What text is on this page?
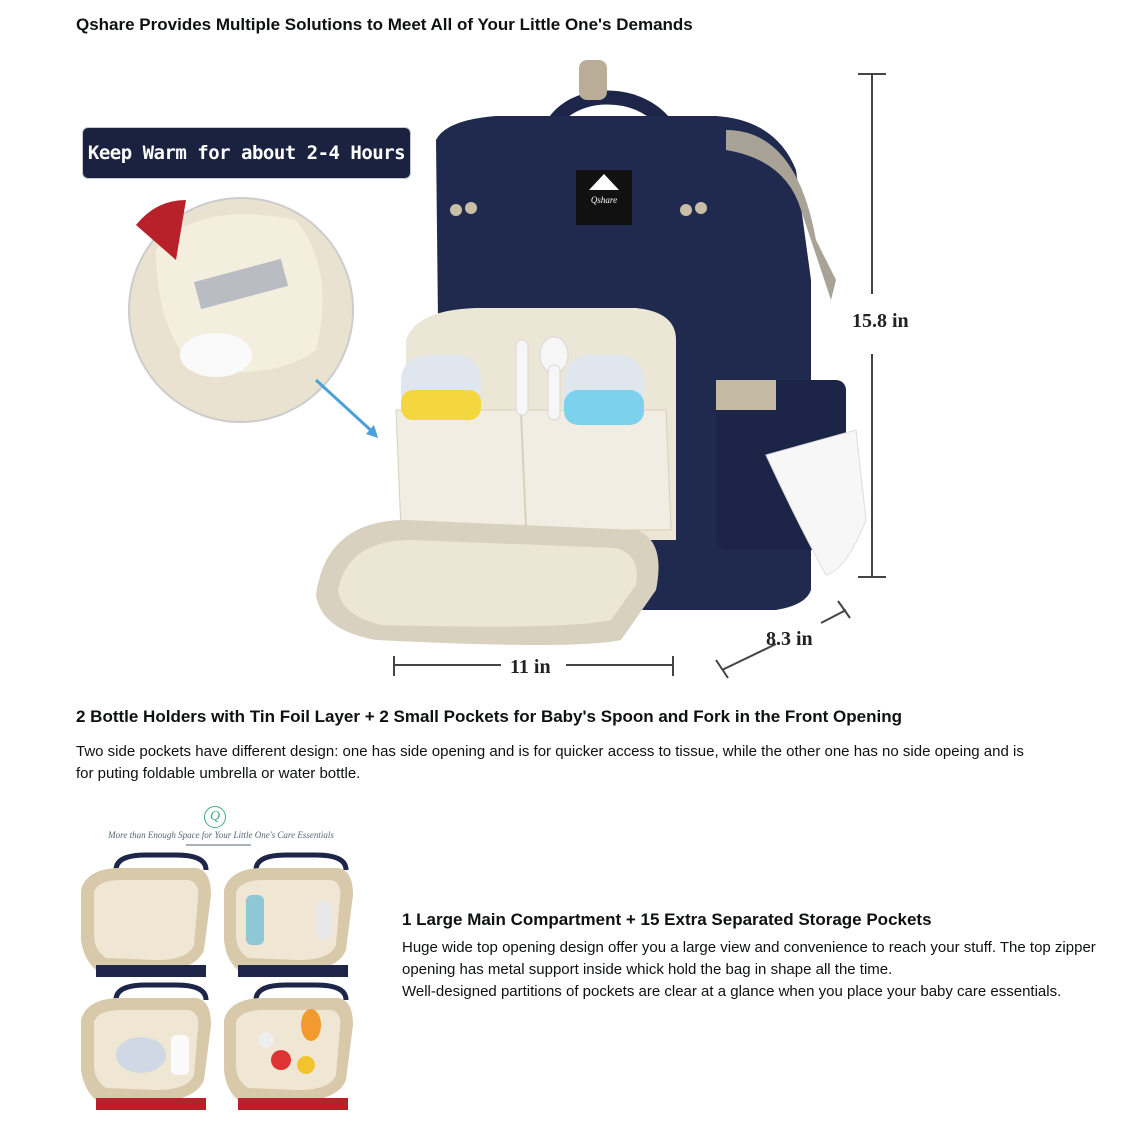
Qshare Provides Multiple Solutions to Meet All of Your Little One's Demands
Qshare
Keep Warm for about 2-4 Hours
15.8 in
11 in
8.3 in
2 Bottle Holders with Tin Foil Layer + 2 Small Pockets for Baby's Spoon and Fork in the Front Opening

Two side pockets have different design: one has side opening and is for quicker access to tissue, while the other one has no side opeing and is

for puting foldable umbrella or water bottle.

Q
More than Enough Space for Your Little One's Care Essentials
1 Large Main Compartment + 15 Extra Separated Storage Pockets

Huge wide top opening design offer you a large view and convenience to reach your stuff. The top zipper

opening has metal support inside whick hold the bag in shape all the time.

Well-designed partitions of pockets are clear at a glance when you place your baby care essentials.
